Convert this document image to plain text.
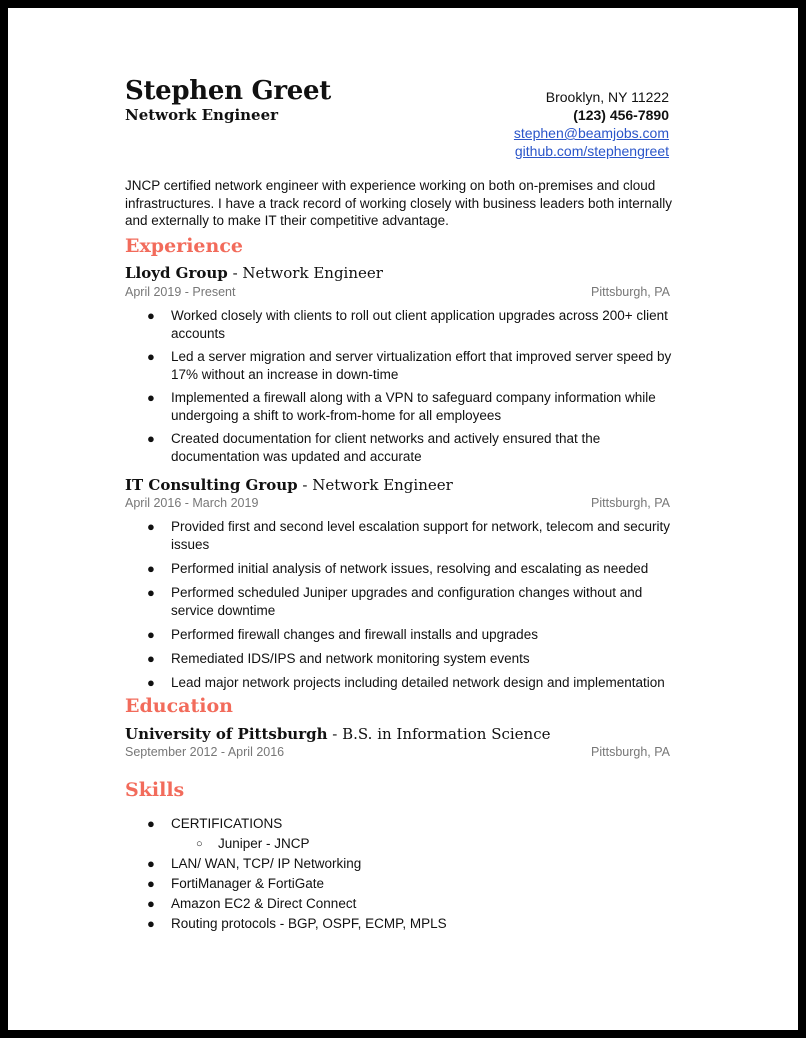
Stephen Greet
Network Engineer
Brooklyn, NY 11222
(123) 456-7890
stephen@beamjobs.com
github.com/stephengreet
JNCP certified network engineer with experience working on both on-premises and cloud infrastructures. I have a track record of working closely with business leaders both internally and externally to make IT their competitive advantage.
Experience
Lloyd Group - Network Engineer
April 2019 - Present	Pittsburgh, PA
● Worked closely with clients to roll out client application upgrades across 200+ client accounts
● Led a server migration and server virtualization effort that improved server speed by 17% without an increase in down-time
● Implemented a firewall along with a VPN to safeguard company information while undergoing a shift to work-from-home for all employees
● Created documentation for client networks and actively ensured that the documentation was updated and accurate
IT Consulting Group - Network Engineer
April 2016 - March 2019	Pittsburgh, PA
● Provided first and second level escalation support for network, telecom and security issues
● Performed initial analysis of network issues, resolving and escalating as needed
● Performed scheduled Juniper upgrades and configuration changes without and service downtime
● Performed firewall changes and firewall installs and upgrades
● Remediated IDS/IPS and network monitoring system events
● Lead major network projects including detailed network design and implementation
Education
University of Pittsburgh - B.S. in Information Science
September 2012 - April 2016	Pittsburgh, PA
Skills
● CERTIFICATIONS
○ Juniper - JNCP
● LAN/ WAN, TCP/ IP Networking
● FortiManager & FortiGate
● Amazon EC2 & Direct Connect
● Routing protocols - BGP, OSPF, ECMP, MPLS
